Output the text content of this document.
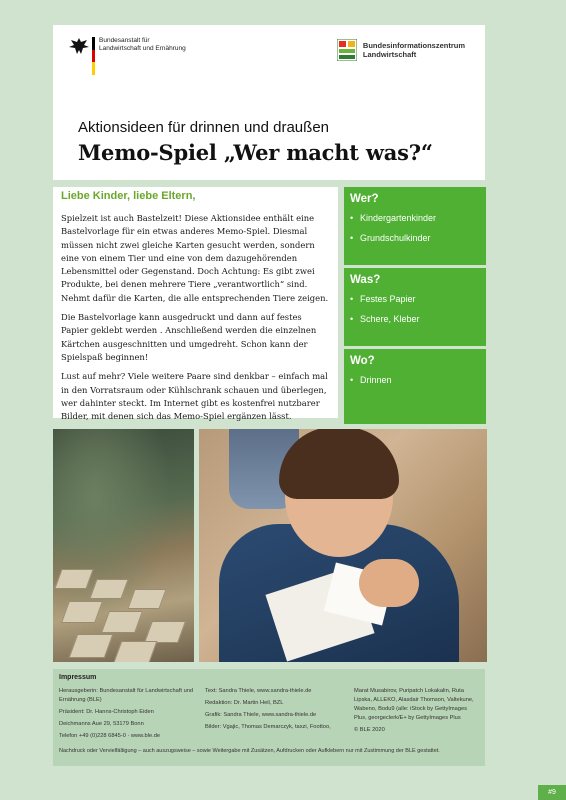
Bundesanstalt für
Landwirtschaft und Ernährung	Bundesinformationszentrum
Landwirtschaft
Aktionsideen für drinnen und draußen
Memo-Spiel „Wer macht was?“

Liebe Kinder, liebe Eltern,

Spielzeit ist auch Bastelzeit! Diese Aktionsidee enthält eine Bastelvorlage für ein etwas anderes Memo-Spiel. Diesmal müssen nicht zwei gleiche Karten gesucht werden, sondern eine von einem Tier und eine von dem dazugehörenden Lebensmittel oder Gegenstand. Doch Achtung: Es gibt zwei Produkte, bei denen mehrere Tiere „verantwortlich“ sind. Nehmt dafür die Karten, die alle entsprechenden Tiere zeigen.

Die Bastelvorlage kann ausgedruckt und dann auf festes Papier geklebt werden . Anschließend werden die einzelnen Kärtchen ausgeschnitten und umgedreht. Schon kann der Spielspaß beginnen!

Lust auf mehr? Viele weitere Paare sind denkbar – einfach mal in den Vorratsraum oder Kühlschrank schauen und überlegen, wer dahinter steckt. Im Internet gibt es kostenfrei nutzbarer Bilder, mit denen sich das Memo-Spiel ergänzen lässt.

Wer?
• Kindergartenkinder
• Grundschulkinder
Was?
• Festes Papier
• Schere, Kleber
Wo?
• Drinnen
Impressum

Herausgeberin: Bundesanstalt für Landwirtschaft und Ernährung (BLE)

Präsident: Dr. Hanns-Christoph Eiden

Deichmanns Aue 29, 53179 Bonn

Telefon +49 (0)228 6845-0 · www.ble.de

Text: Sandra Thiele, www.sandra-thiele.de

Redaktion: Dr. Martin Heil, BZL

Grafik: Sandra Thiele, www.sandra-thiele.de

Bilder: Vgajic, Thomas Demarczyk, taxzi, Foottoo,

Marat Musabirov, Puripatch Lokakalin, Ruta Lipska, ALLEKO, Alasdair Thomson, Valtekune, Wabeno, Bodu9 (alle: iStock by GettyImages Plus, georgeclerk/E+ by GettyImages Plus

© BLE 2020

Nachdruck oder Vervielfältigung – auch auszugsweise – sowie Weitergabe mit Zusätzen, Aufdrucken oder Aufklebern nur mit Zustimmung der BLE gestattet.
#9
